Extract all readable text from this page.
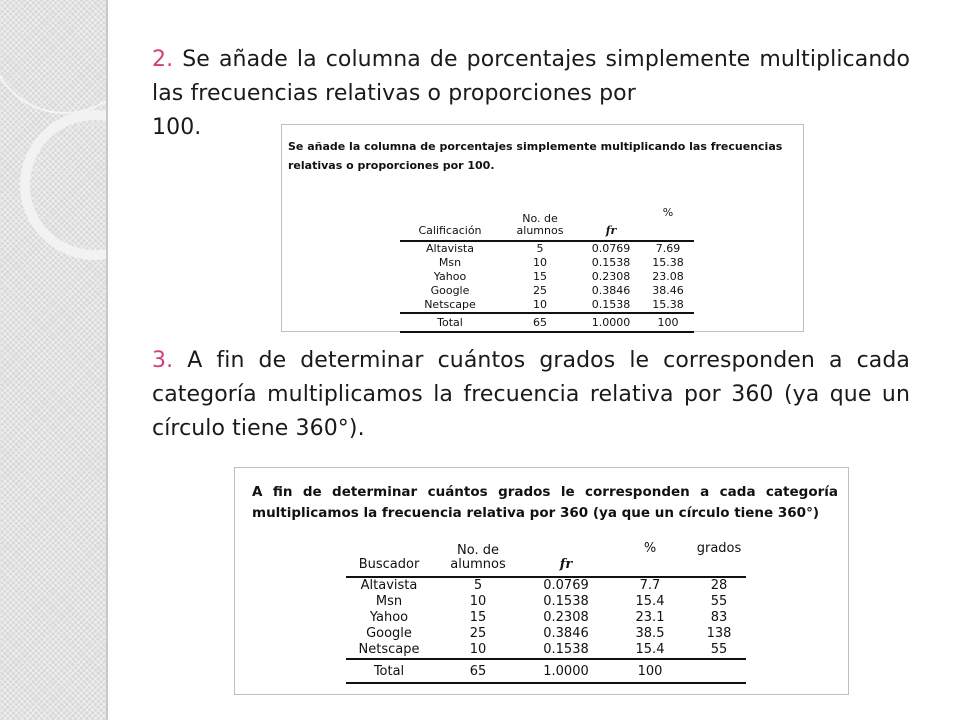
2. Se añade la columna de porcentajes simplemente multiplicando las frecuencias relativas o proporciones por
100.
Se añade la columna de porcentajes simplemente multiplicando las frecuencias relativas o proporciones por 100.
Calificación	No. de alumnos	fr	%
Altavista	5	0.0769	7.69
Msn	10	0.1538	15.38
Yahoo	15	0.2308	23.08
Google	25	0.3846	38.46
Netscape	10	0.1538	15.38
Total	65	1.0000	100
3. A fin de determinar cuántos grados le corresponden a cada categoría multiplicamos la frecuencia relativa por 360 (ya que un círculo tiene 360°).
A fin de determinar cuántos grados le corresponden a cada categoría multiplicamos la frecuencia relativa por 360 (ya que un círculo tiene 360°)
Buscador	No. de alumnos	fr	%	grados
Altavista	5	0.0769	7.7	28
Msn	10	0.1538	15.4	55
Yahoo	15	0.2308	23.1	83
Google	25	0.3846	38.5	138
Netscape	10	0.1538	15.4	55
Total	65	1.0000	100	
